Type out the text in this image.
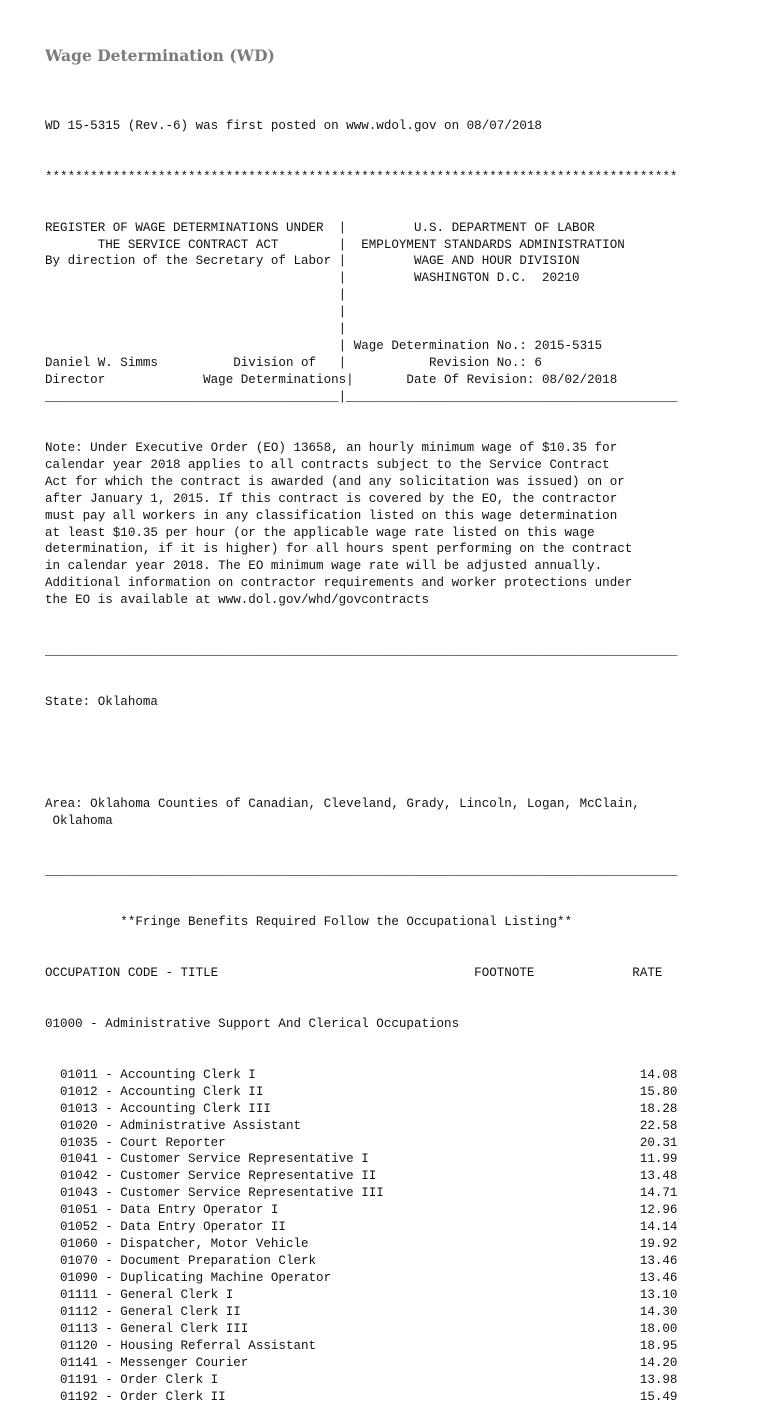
Wage Determination (WD)

WD 15-5315 (Rev.-6) was first posted on www.wdol.gov on 08/07/2018

************************************************************************************

REGISTER OF WAGE DETERMINATIONS UNDER  |         U.S. DEPARTMENT OF LABOR
THE SERVICE CONTRACT ACT        |  EMPLOYMENT STANDARDS ADMINISTRATION
By direction of the Secretary of Labor |         WAGE AND HOUR DIVISION
|         WASHINGTON D.C.  20210
|
|
|
| Wage Determination No.: 2015-5315
Daniel W. Simms          Division of   |           Revision No.: 6
Director             Wage Determinations|       Date Of Revision: 08/02/2018
_______________________________________|____________________________________________

Note: Under Executive Order (EO) 13658, an hourly minimum wage of $10.35 for
calendar year 2018 applies to all contracts subject to the Service Contract
Act for which the contract is awarded (and any solicitation was issued) on or
after January 1, 2015. If this contract is covered by the EO, the contractor
must pay all workers in any classification listed on this wage determination
at least $10.35 per hour (or the applicable wage rate listed on this wage
determination, if it is higher) for all hours spent performing on the contract
in calendar year 2018. The EO minimum wage rate will be adjusted annually.
Additional information on contractor requirements and worker protections under
the EO is available at www.dol.gov/whd/govcontracts

____________________________________________________________________________________

State: Oklahoma

Area: Oklahoma Counties of Canadian, Cleveland, Grady, Lincoln, Logan, McClain,
Oklahoma

____________________________________________________________________________________

**Fringe Benefits Required Follow the Occupational Listing**

OCCUPATION CODE - TITLE                                  FOOTNOTE             RATE

01000 - Administrative Support And Clerical Occupations

01011 - Accounting Clerk I                                                   14.08
01012 - Accounting Clerk II                                                  15.80
01013 - Accounting Clerk III                                                 18.28
01020 - Administrative Assistant                                             22.58
01035 - Court Reporter                                                       20.31
01041 - Customer Service Representative I                                    11.99
01042 - Customer Service Representative II                                   13.48
01043 - Customer Service Representative III                                  14.71
01051 - Data Entry Operator I                                                12.96
01052 - Data Entry Operator II                                               14.14
01060 - Dispatcher, Motor Vehicle                                            19.92
01070 - Document Preparation Clerk                                           13.46
01090 - Duplicating Machine Operator                                         13.46
01111 - General Clerk I                                                      13.10
01112 - General Clerk II                                                     14.30
01113 - General Clerk III                                                    18.00
01120 - Housing Referral Assistant                                           18.95
01141 - Messenger Courier                                                    14.20
01191 - Order Clerk I                                                        13.98
01192 - Order Clerk II                                                       15.49
